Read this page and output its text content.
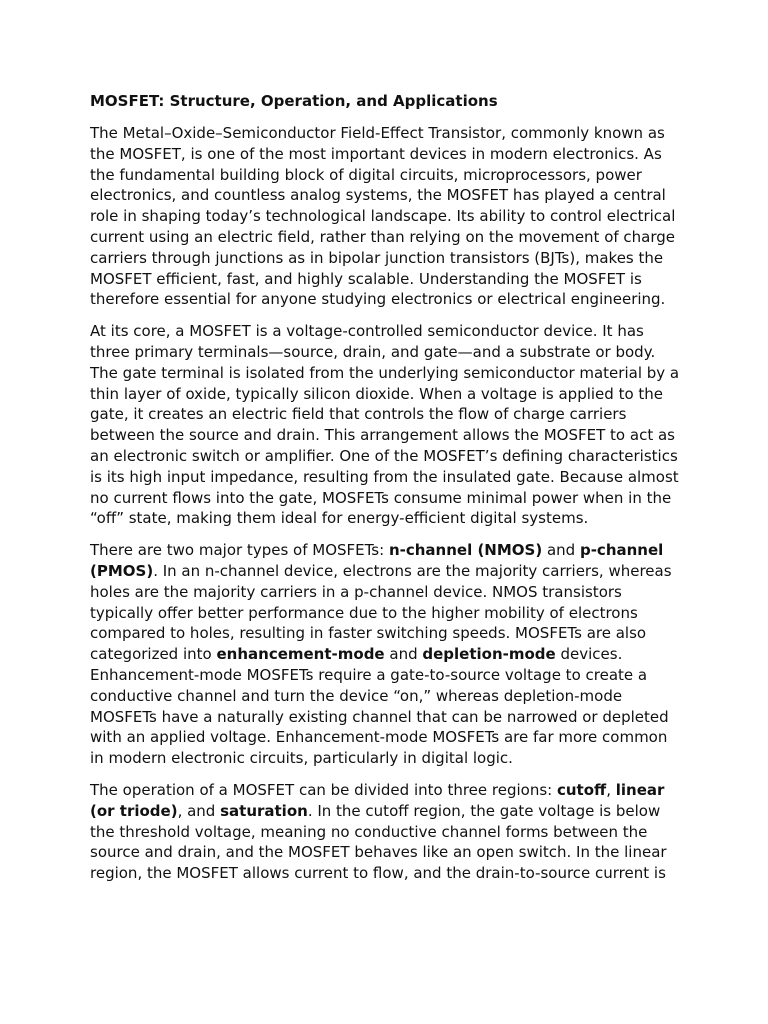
MOSFET: Structure, Operation, and Applications

The Metal–Oxide–Semiconductor Field-Effect Transistor, commonly known as the MOSFET, is one of the most important devices in modern electronics. As the fundamental building block of digital circuits, microprocessors, power electronics, and countless analog systems, the MOSFET has played a central role in shaping today’s technological landscape. Its ability to control electrical current using an electric field, rather than relying on the movement of charge carriers through junctions as in bipolar junction transistors (BJTs), makes the MOSFET efficient, fast, and highly scalable. Understanding the MOSFET is therefore essential for anyone studying electronics or electrical engineering.

At its core, a MOSFET is a voltage-controlled semiconductor device. It has three primary terminals—source, drain, and gate—and a substrate or body. The gate terminal is isolated from the underlying semiconductor material by a thin layer of oxide, typically silicon dioxide. When a voltage is applied to the gate, it creates an electric field that controls the flow of charge carriers between the source and drain. This arrangement allows the MOSFET to act as an electronic switch or amplifier. One of the MOSFET’s defining characteristics is its high input impedance, resulting from the insulated gate. Because almost no current flows into the gate, MOSFETs consume minimal power when in the “off” state, making them ideal for energy-efficient digital systems.

There are two major types of MOSFETs: n-channel (NMOS) and p-channel (PMOS). In an n-channel device, electrons are the majority carriers, whereas holes are the majority carriers in a p-channel device. NMOS transistors typically offer better performance due to the higher mobility of electrons compared to holes, resulting in faster switching speeds. MOSFETs are also categorized into enhancement-mode and depletion-mode devices. Enhancement-mode MOSFETs require a gate-to-source voltage to create a conductive channel and turn the device “on,” whereas depletion-mode MOSFETs have a naturally existing channel that can be narrowed or depleted with an applied voltage. Enhancement-mode MOSFETs are far more common in modern electronic circuits, particularly in digital logic.

The operation of a MOSFET can be divided into three regions: cutoff, linear (or triode), and saturation. In the cutoff region, the gate voltage is below the threshold voltage, meaning no conductive channel forms between the source and drain, and the MOSFET behaves like an open switch. In the linear region, the MOSFET allows current to flow, and the drain-to-source current is
